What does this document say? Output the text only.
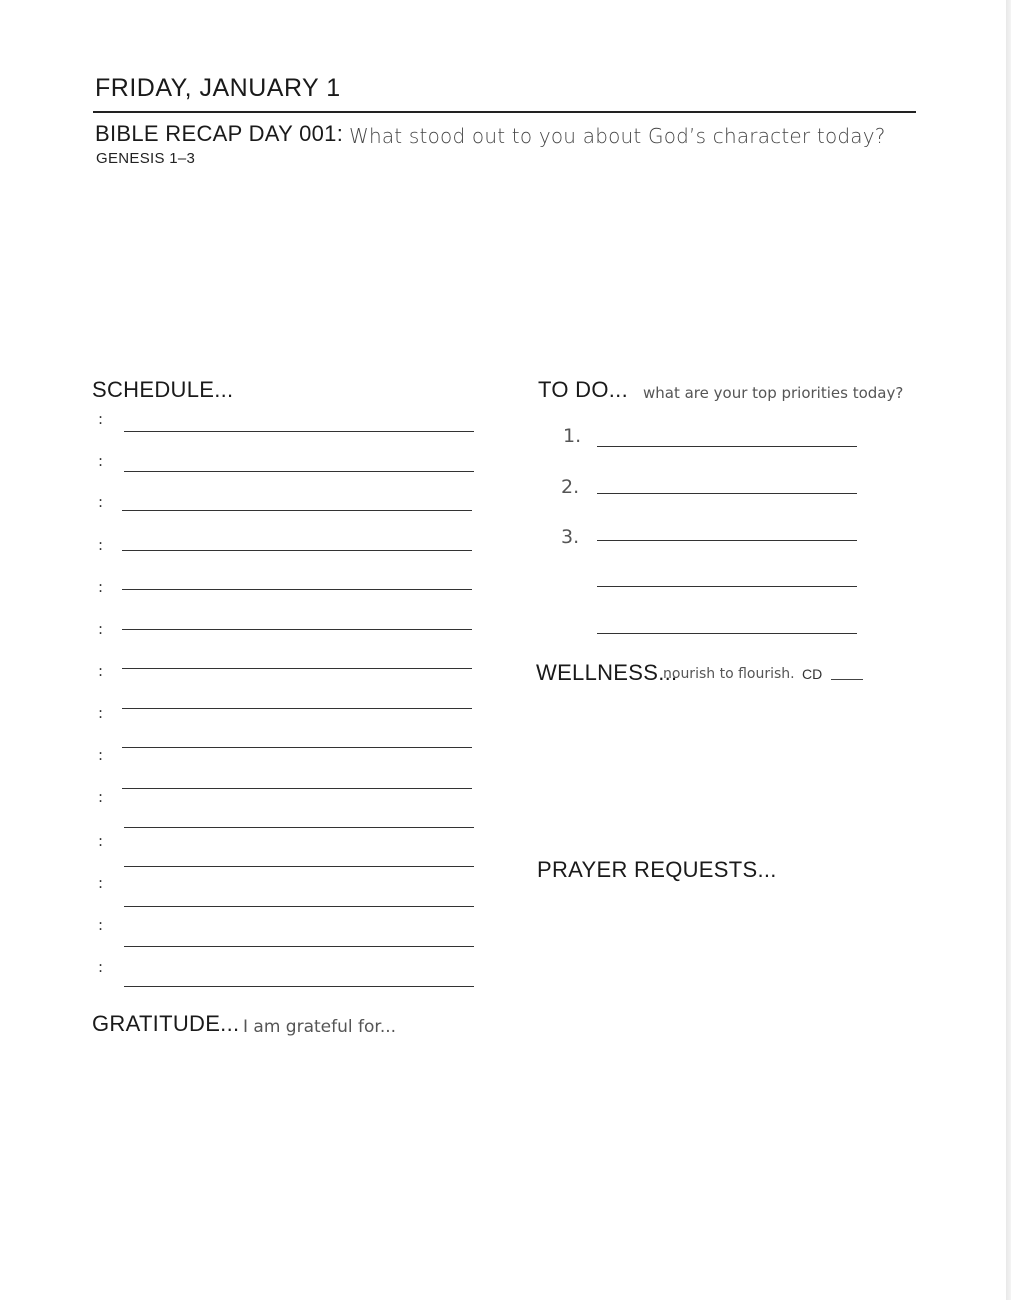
FRIDAY, JANUARY 1
BIBLE RECAP DAY 001: What stood out to you about God’s character today?
GENESIS 1–3
SCHEDULE...
:
:
:
:
:
:
:
:
:
:
:
:
:
:
TO DO... what are your top priorities today?
1.
2.
3.
WELLNESS...
nourish to flourish. CD
PRAYER REQUESTS...
GRATITUDE... I am grateful for...
